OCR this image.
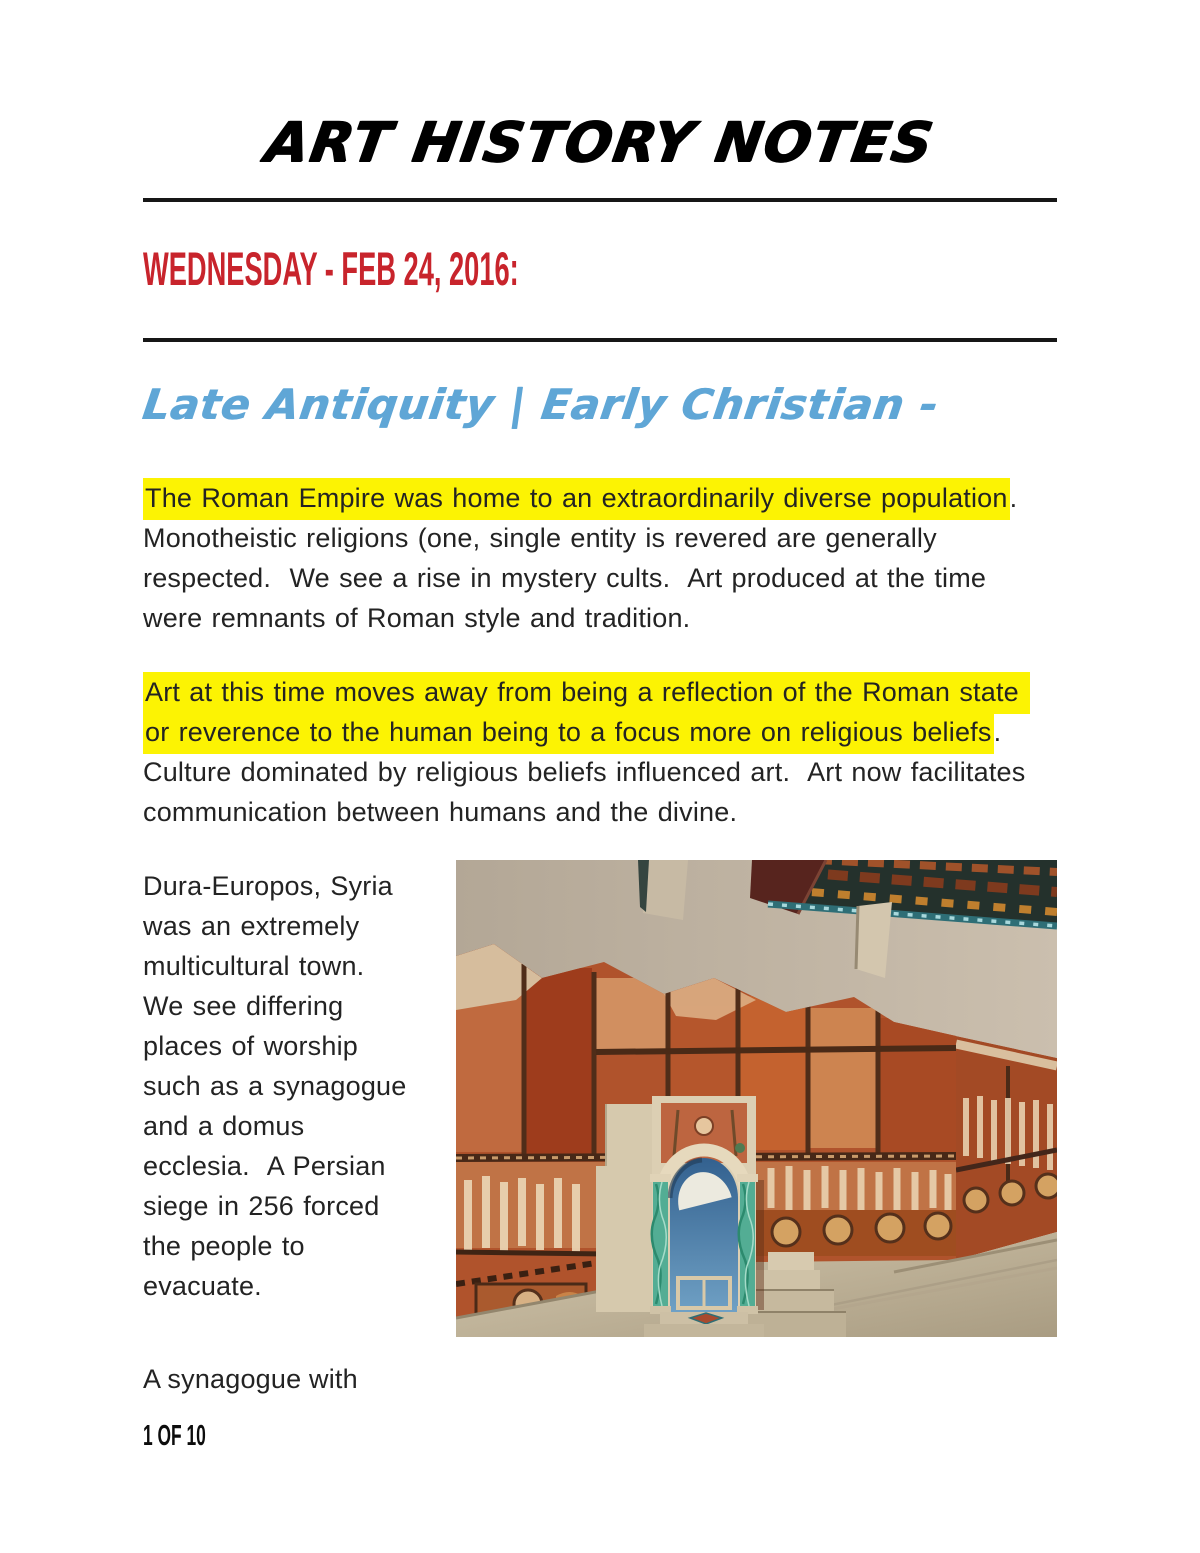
ART HISTORY NOTES
WEDNESDAY - FEB 24, 2016:
Late Antiquity | Early Christian -

The Roman Empire was home to an extraordinarily diverse population.  Monotheistic religions (one, single entity is revered are generally respected.  We see a rise in mystery cults.  Art produced at the time were remnants of Roman style and tradition.

Art at this time moves away from being a reflection of the Roman state or reverence to the human being to a focus more on religious beliefs.  Culture dominated by religious beliefs influenced art.  Art now facilitates communication between humans and the divine.

Dura-Europos, Syria was an extremely multicultural town.  We see differing places of worship such as a synagogue and a domus ecclesia.  A Persian siege in 256 forced the people to evacuate.
A synagogue with
1 OF 10
